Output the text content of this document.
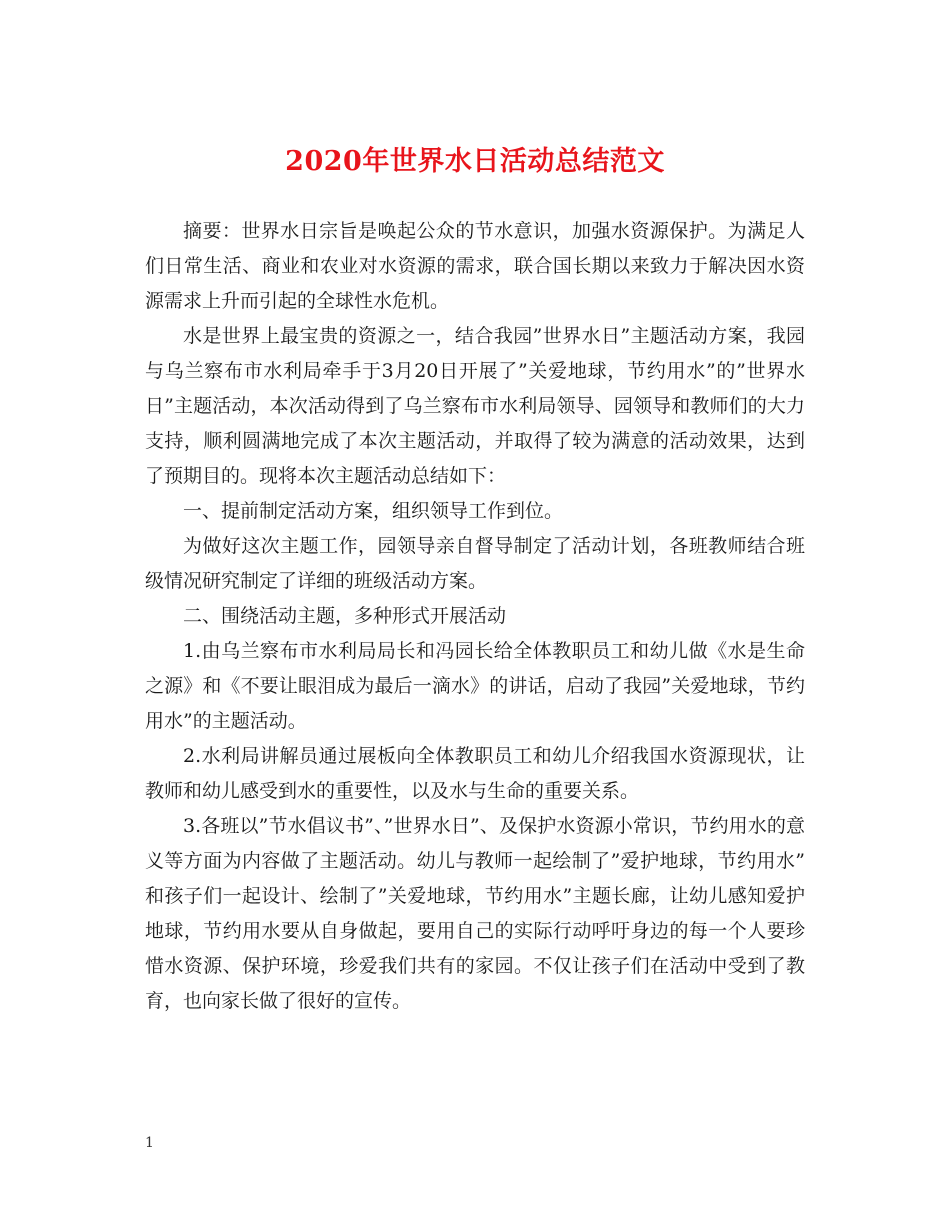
2020年世界水日活动总结范文

摘要：世界水日宗旨是唤起公众的节水意识，加强水资源保护。为满足人们日常生活、商业和农业对水资源的需求，联合国长期以来致力于解决因水资源需求上升而引起的全球性水危机。

水是世界上最宝贵的资源之一，结合我园”世界水日”主题活动方案，我园与乌兰察布市水利局牵手于3月20日开展了”关爱地球，节约用水”的”世界水日”主题活动，本次活动得到了乌兰察布市水利局领导、园领导和教师们的大力支持，顺利圆满地完成了本次主题活动，并取得了较为满意的活动效果，达到了预期目的。现将本次主题活动总结如下：

一、提前制定活动方案，组织领导工作到位。

为做好这次主题工作，园领导亲自督导制定了活动计划，各班教师结合班级情况研究制定了详细的班级活动方案。

二、围绕活动主题，多种形式开展活动

1.由乌兰察布市水利局局长和冯园长给全体教职员工和幼儿做《水是生命之源》和《不要让眼泪成为最后一滴水》的讲话，启动了我园”关爱地球，节约用水”的主题活动。

2.水利局讲解员通过展板向全体教职员工和幼儿介绍我国水资源现状，让教师和幼儿感受到水的重要性，以及水与生命的重要关系。

3.各班以”节水倡议书”、”世界水日”、及保护水资源小常识，节约用水的意义等方面为内容做了主题活动。幼儿与教师一起绘制了”爱护地球，节约用水” 和孩子们一起设计、绘制了”关爱地球，节约用水”主题长廊，让幼儿感知爱护地球，节约用水要从自身做起，要用自己的实际行动呼吁身边的每一个人要珍惜水资源、保护环境，珍爱我们共有的家园。不仅让孩子们在活动中受到了教育，也向家长做了很好的宣传。

1
